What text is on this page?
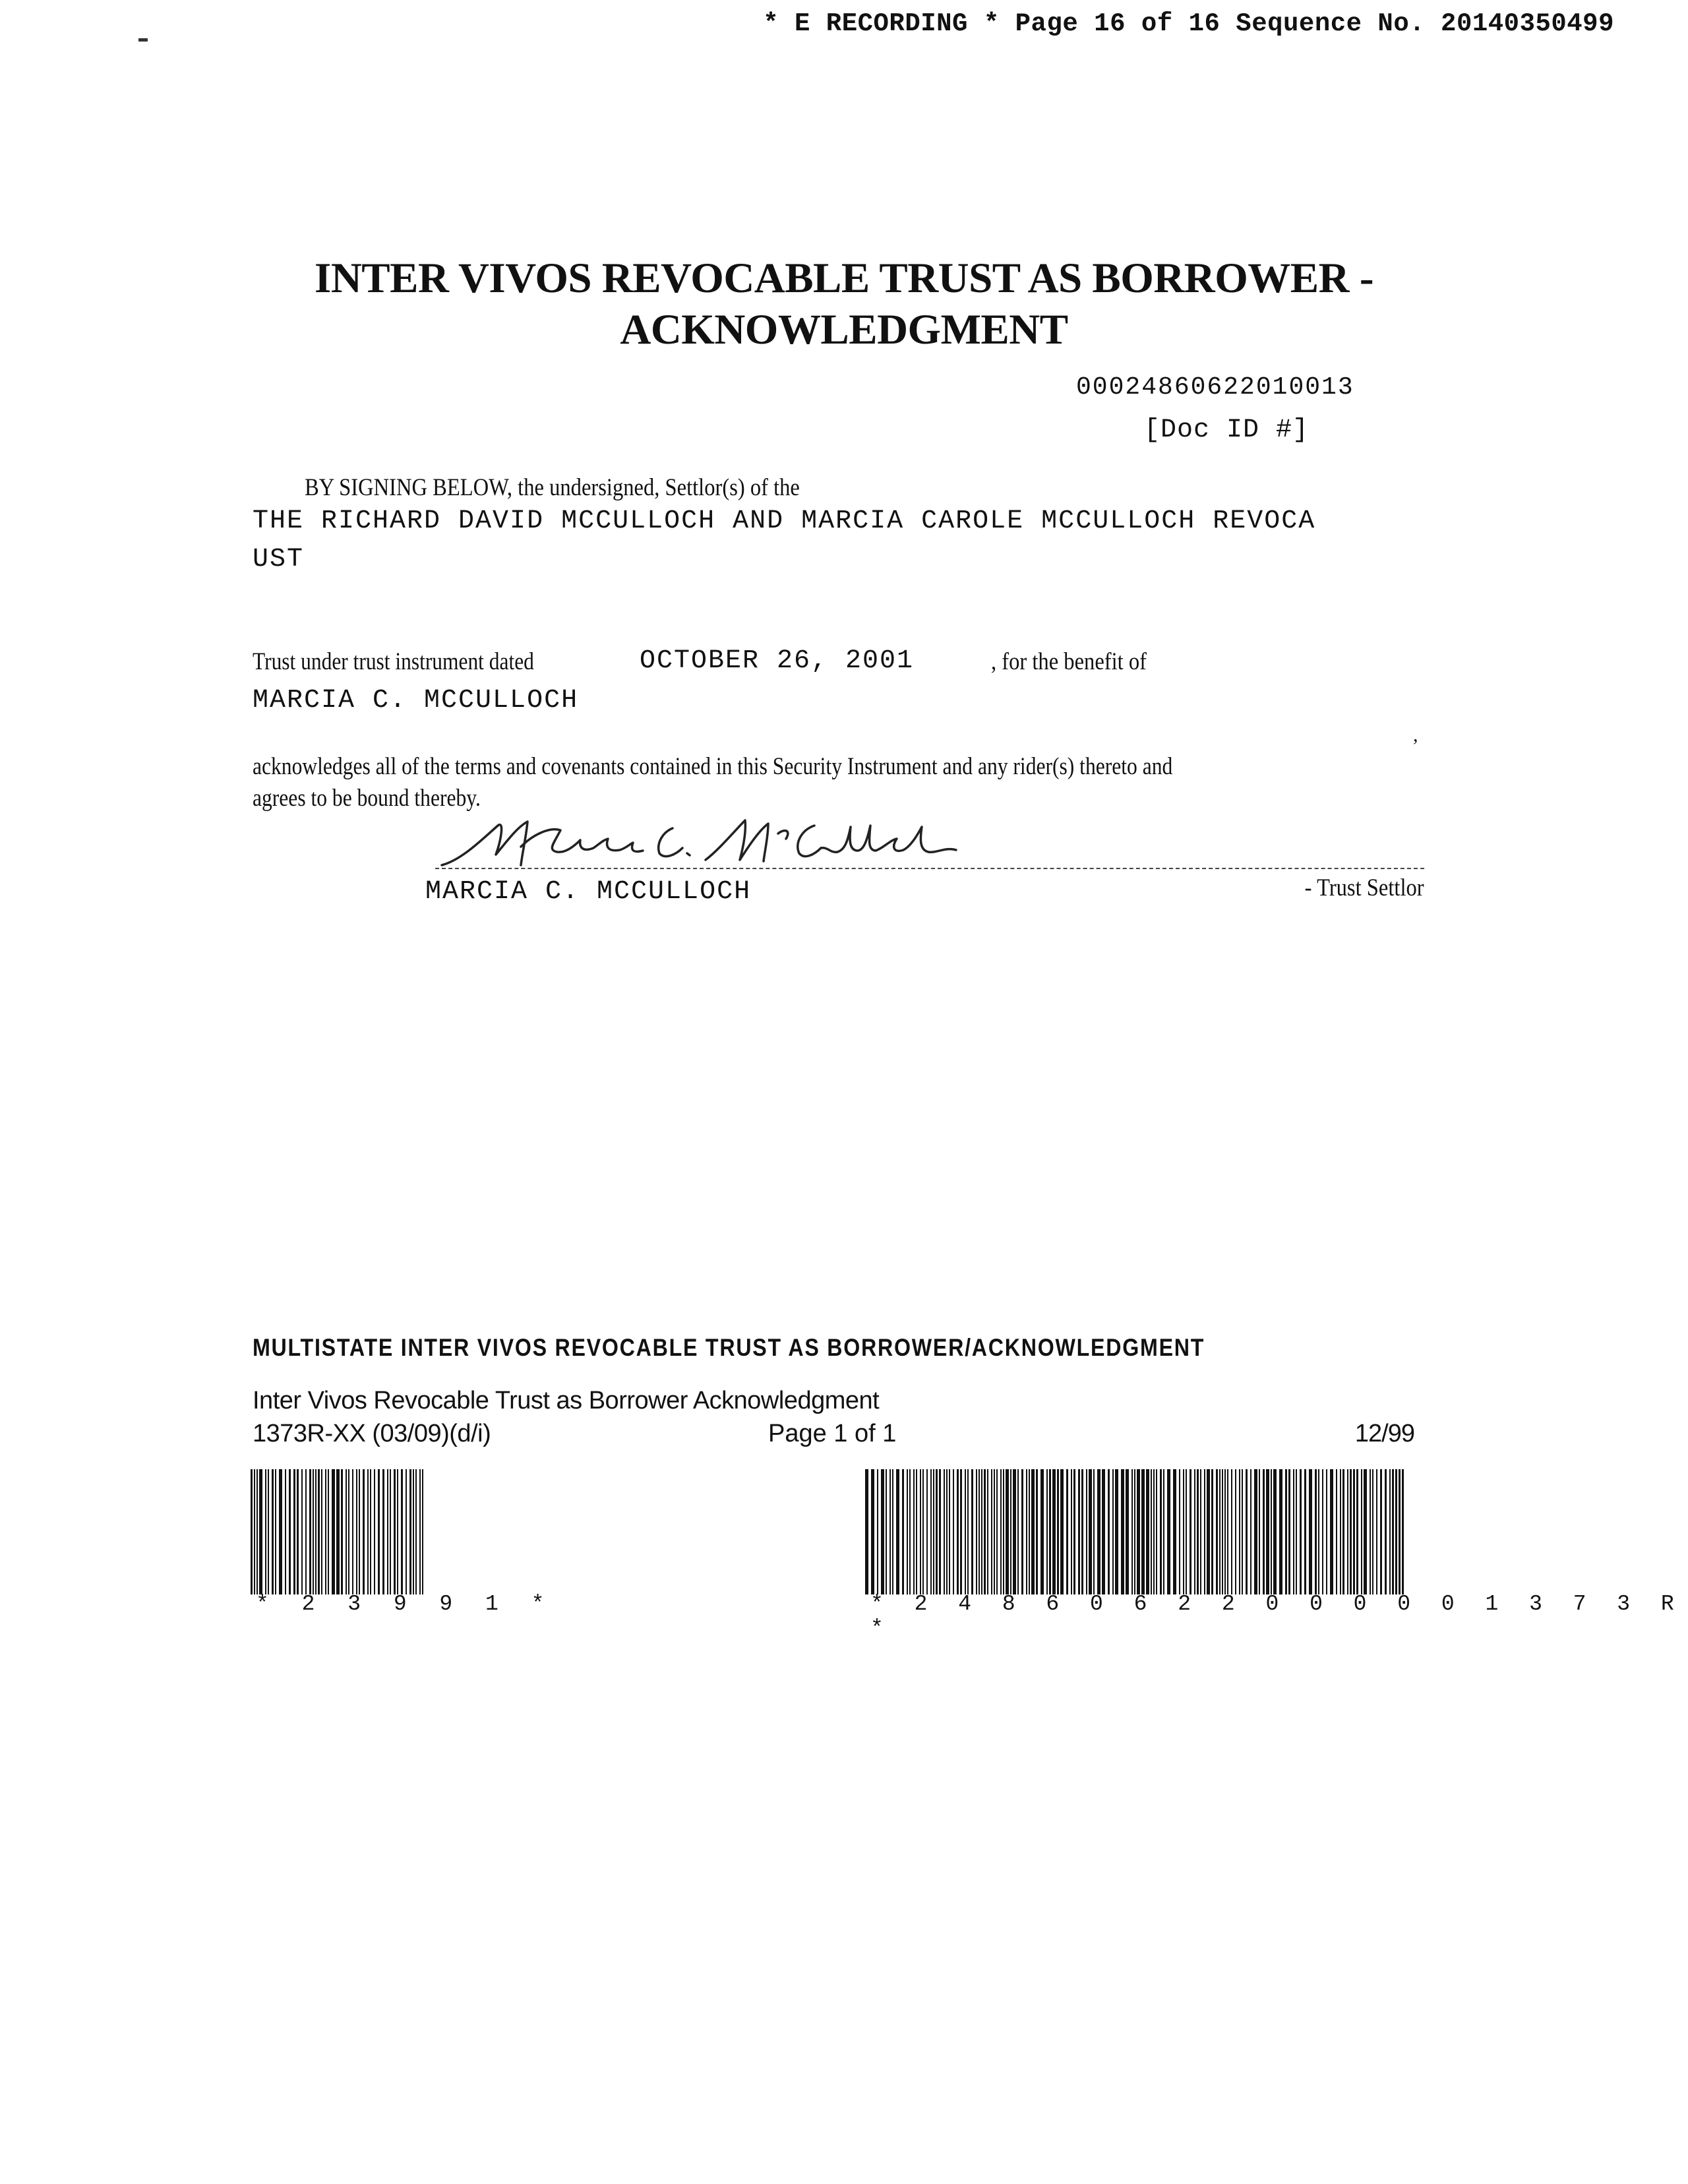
* E RECORDING * Page 16 of 16 Sequence No. 20140350499
INTER VIVOS REVOCABLE TRUST AS BORROWER -
ACKNOWLEDGMENT
00024860622010013
[Doc ID #]
BY SIGNING BELOW, the undersigned, Settlor(s) of the
THE RICHARD DAVID MCCULLOCH AND MARCIA CAROLE MCCULLOCH REVOCA
UST
Trust under trust instrument dated	OCTOBER 26, 2001	, for the benefit of
MARCIA C. MCCULLOCH
,
acknowledges all of the terms and covenants contained in this Security Instrument and any rider(s) thereto and
agrees to be bound thereby.
MARCIA C. MCCULLOCH	- Trust Settlor
MULTISTATE INTER VIVOS REVOCABLE TRUST AS BORROWER/ACKNOWLEDGMENT
Inter Vivos Revocable Trust as Borrower Acknowledgment
1373R-XX (03/09)(d/i)	Page 1 of 1	12/99
* 2 3 9 9 1 *	* 2 4 8 6 0 6 2 2 0 0 0 0 0 1 3 7 3 R *
